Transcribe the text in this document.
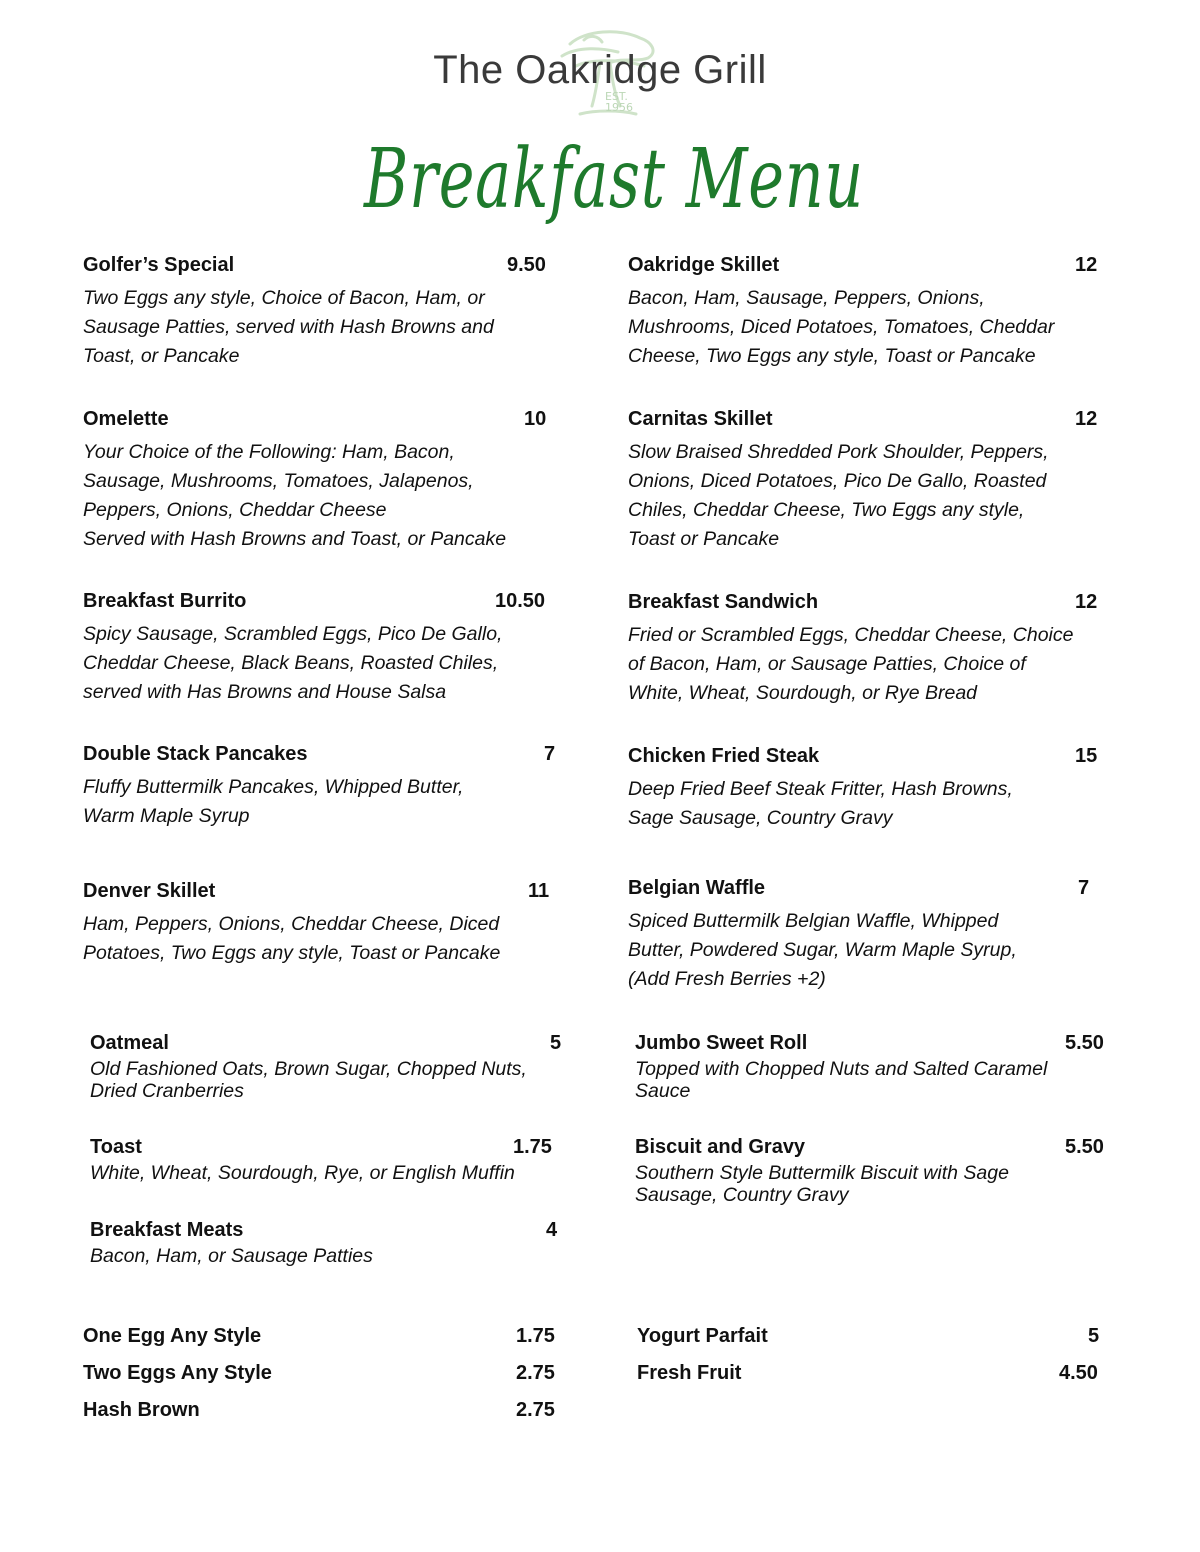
The Oakridge Grill
EST.
1956
Breakfast Menu
Golfer’s Special	9.50
Two Eggs any style, Choice of Bacon, Ham, or
Sausage Patties, served with Hash Browns and
Toast, or Pancake
Omelette	10
Your Choice of the Following: Ham, Bacon,
Sausage, Mushrooms, Tomatoes, Jalapenos,
Peppers, Onions, Cheddar Cheese
Served with Hash Browns and Toast, or Pancake
Breakfast Burrito	10.50
Spicy Sausage, Scrambled Eggs, Pico De Gallo,
Cheddar Cheese, Black Beans, Roasted Chiles,
served with Has Browns and House Salsa
Double Stack Pancakes	7
Fluffy Buttermilk Pancakes, Whipped Butter,
Warm Maple Syrup
Denver Skillet	11
Ham, Peppers, Onions, Cheddar Cheese, Diced
Potatoes, Two Eggs any style, Toast or Pancake
Oakridge Skillet	12
Bacon, Ham, Sausage, Peppers, Onions,
Mushrooms, Diced Potatoes, Tomatoes, Cheddar
Cheese, Two Eggs any style, Toast or Pancake
Carnitas Skillet	12
Slow Braised Shredded Pork Shoulder, Peppers,
Onions, Diced Potatoes, Pico De Gallo, Roasted
Chiles, Cheddar Cheese, Two Eggs any style,
Toast or Pancake
Breakfast Sandwich	12
Fried or Scrambled Eggs, Cheddar Cheese, Choice
of Bacon, Ham, or Sausage Patties, Choice of
White, Wheat, Sourdough, or Rye Bread
Chicken Fried Steak	15
Deep Fried Beef Steak Fritter, Hash Browns,
Sage Sausage, Country Gravy
Belgian Waffle	7
Spiced Buttermilk Belgian Waffle, Whipped
Butter, Powdered Sugar, Warm Maple Syrup,
(Add Fresh Berries +2)
Oatmeal	5
Old Fashioned Oats, Brown Sugar, Chopped Nuts,
Dried Cranberries
Toast	1.75
White, Wheat, Sourdough, Rye, or English Muffin
Breakfast Meats	4
Bacon, Ham, or Sausage Patties
Jumbo Sweet Roll	5.50
Topped with Chopped Nuts and Salted Caramel
Sauce
Biscuit and Gravy	5.50
Southern Style Buttermilk Biscuit with Sage
Sausage, Country Gravy
One Egg Any Style	1.75
Two Eggs Any Style	2.75
Hash Brown	2.75
Yogurt Parfait	5
Fresh Fruit	4.50
